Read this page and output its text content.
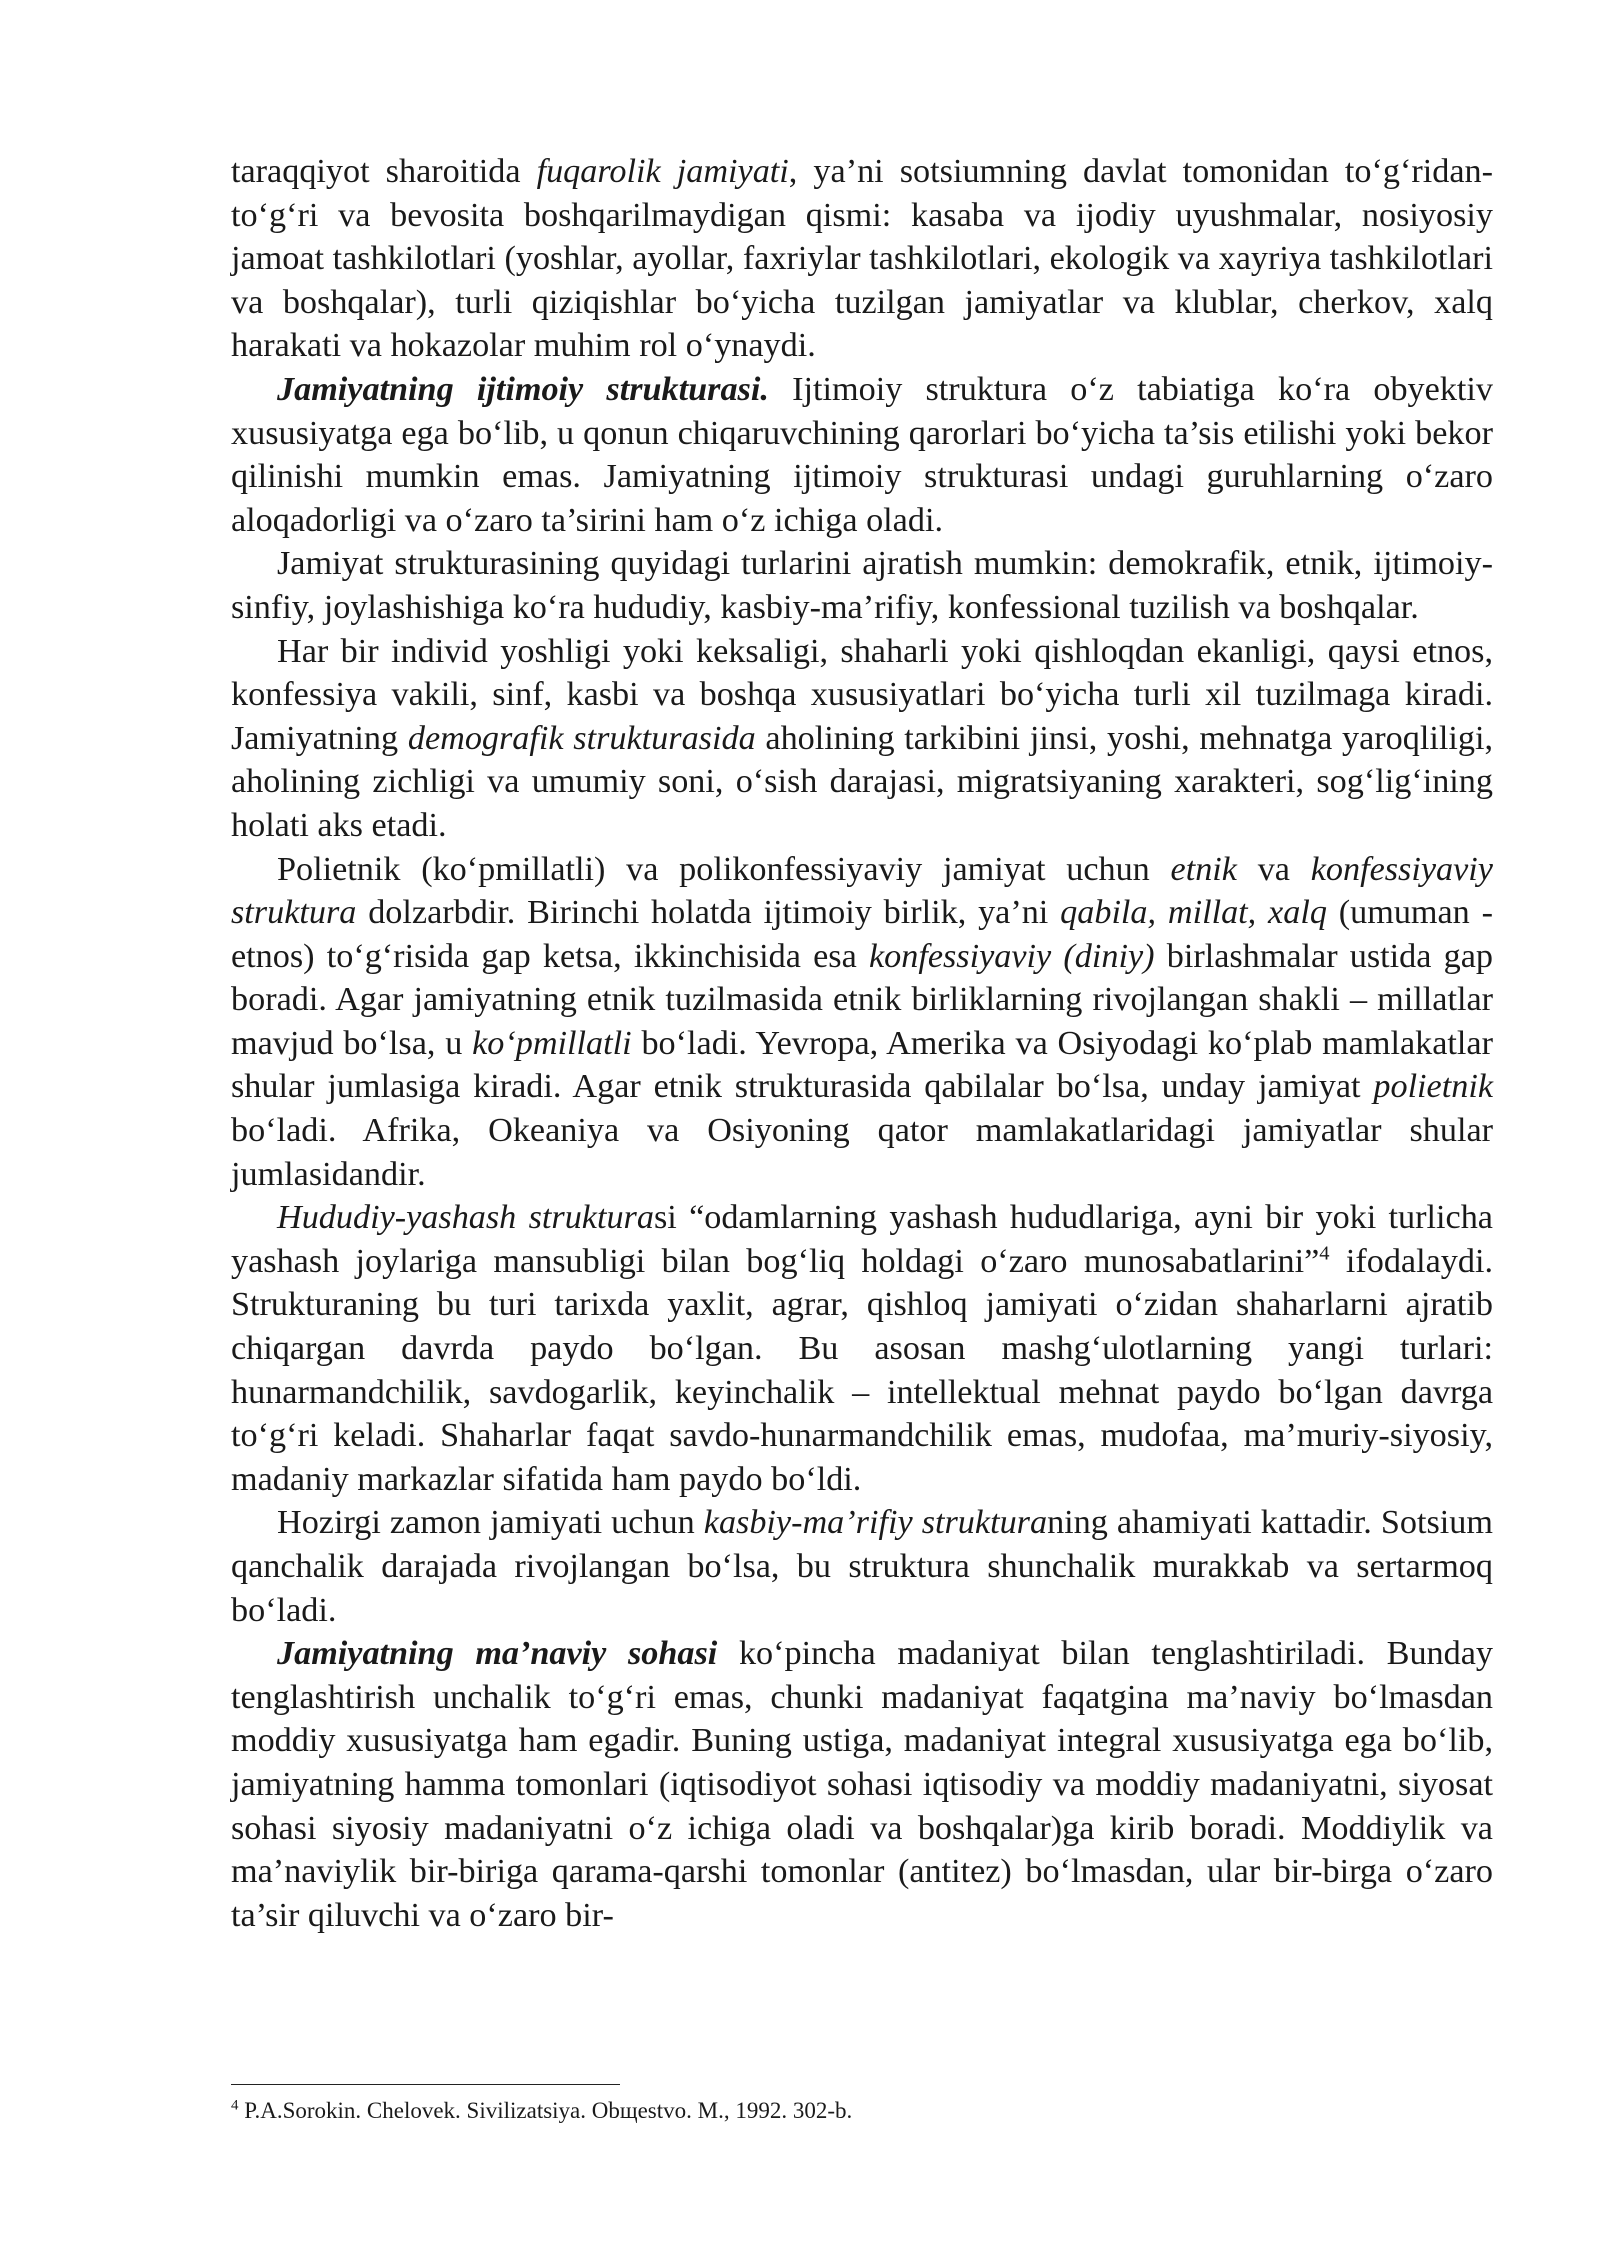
taraqqiyot sharoitida fuqarolik jamiyati, ya’ni sotsiumning davlat tomonidan to‘g‘ridan-to‘g‘ri va bevosita boshqarilmaydigan qismi: kasaba va ijodiy uyushmalar, nosiyosiy jamoat tashkilotlari (yoshlar, ayollar, faxriylar tashkilotlari, ekologik va xayriya tashkilotlari va boshqalar), turli qiziqishlar bo‘yicha tuzilgan jamiyatlar va klublar, cherkov, xalq harakati va hokazolar muhim rol o‘ynaydi.

Jamiyatning ijtimoiy strukturasi. Ijtimoiy struktura o‘z tabiatiga ko‘ra obyektiv xususiyatga ega bo‘lib, u qonun chiqaruvchining qarorlari bo‘yicha ta’sis etilishi yoki bekor qilinishi mumkin emas. Jamiyatning ijtimoiy strukturasi undagi guruhlarning o‘zaro aloqadorligi va o‘zaro ta’sirini ham o‘z ichiga oladi.

Jamiyat strukturasining quyidagi turlarini ajratish mumkin: demokrafik, etnik, ijtimoiy-sinfiy, joylashishiga ko‘ra hududiy, kasbiy-ma’rifiy, konfessional tuzilish va boshqalar.

Har bir individ yoshligi yoki keksaligi, shaharli yoki qishloqdan ekanligi, qaysi etnos, konfessiya vakili, sinf, kasbi va boshqa xususiyatlari bo‘yicha turli xil tuzilmaga kiradi. Jamiyatning demografik strukturasida aholining tarkibini jinsi, yoshi, mehnatga yaroqliligi, aholining zichligi va umumiy soni, o‘sish darajasi, migratsiyaning xarakteri, sog‘lig‘ining holati aks etadi.

Polietnik (ko‘pmillatli) va polikonfessiyaviy jamiyat uchun etnik va konfessiyaviy struktura dolzarbdir. Birinchi holatda ijtimoiy birlik, ya’ni qabila, millat, xalq (umuman -etnos) to‘g‘risida gap ketsa, ikkinchisida esa konfessiyaviy (diniy) birlashmalar ustida gap boradi. Agar jamiyatning etnik tuzilmasida etnik birliklarning rivojlangan shakli – millatlar mavjud bo‘lsa, u ko‘pmillatli bo‘ladi. Yevropa, Amerika va Osiyodagi ko‘plab mamlakatlar shular jumlasiga kiradi. Agar etnik strukturasida qabilalar bo‘lsa, unday jamiyat polietnik bo‘ladi. Afrika, Okeaniya va Osiyoning qator mamlakatlaridagi jamiyatlar shular jumlasidandir.

Hududiy-yashash strukturasi “odamlarning yashash hududlariga, ayni bir yoki turlicha yashash joylariga mansubligi bilan bog‘liq holdagi o‘zaro munosabatlarini”$^4$ ifodalaydi. Strukturaning bu turi tarixda yaxlit, agrar, qishloq jamiyati o‘zidan shaharlarni ajratib chiqargan davrda paydo bo‘lgan. Bu asosan mashg‘ulotlarning yangi turlari: hunarmandchilik, savdogarlik, keyinchalik – intellektual mehnat paydo bo‘lgan davrga to‘g‘ri keladi. Shaharlar faqat savdo-hunarmandchilik emas, mudofaa, ma’muriy-siyosiy, madaniy markazlar sifatida ham paydo bo‘ldi.

Hozirgi zamon jamiyati uchun kasbiy-ma’rifiy strukturaning ahamiyati kattadir. Sotsium qanchalik darajada rivojlangan bo‘lsa, bu struktura shunchalik murakkab va sertarmoq bo‘ladi.

Jamiyatning ma’naviy sohasi ko‘pincha madaniyat bilan tenglashtiriladi. Bunday tenglashtirish unchalik to‘g‘ri emas, chunki madaniyat faqatgina ma’naviy bo‘lmasdan moddiy xususiyatga ham egadir. Buning ustiga, madaniyat integral xususiyatga ega bo‘lib, jamiyatning hamma tomonlari (iqtisodiyot sohasi iqtisodiy va moddiy madaniyatni, siyosat sohasi siyosiy madaniyatni o‘z ichiga oladi va boshqalar)ga kirib boradi. Moddiylik va ma’naviylik bir-biriga qarama-qarshi tomonlar (antitez) bo‘lmasdan, ular bir-birga o‘zaro ta’sir qiluvchi va o‘zaro bir-

$^4$ P.A.Sorokin. Chelovek. Sivilizatsiya. Obщestvo. M., 1992. 302-b.
